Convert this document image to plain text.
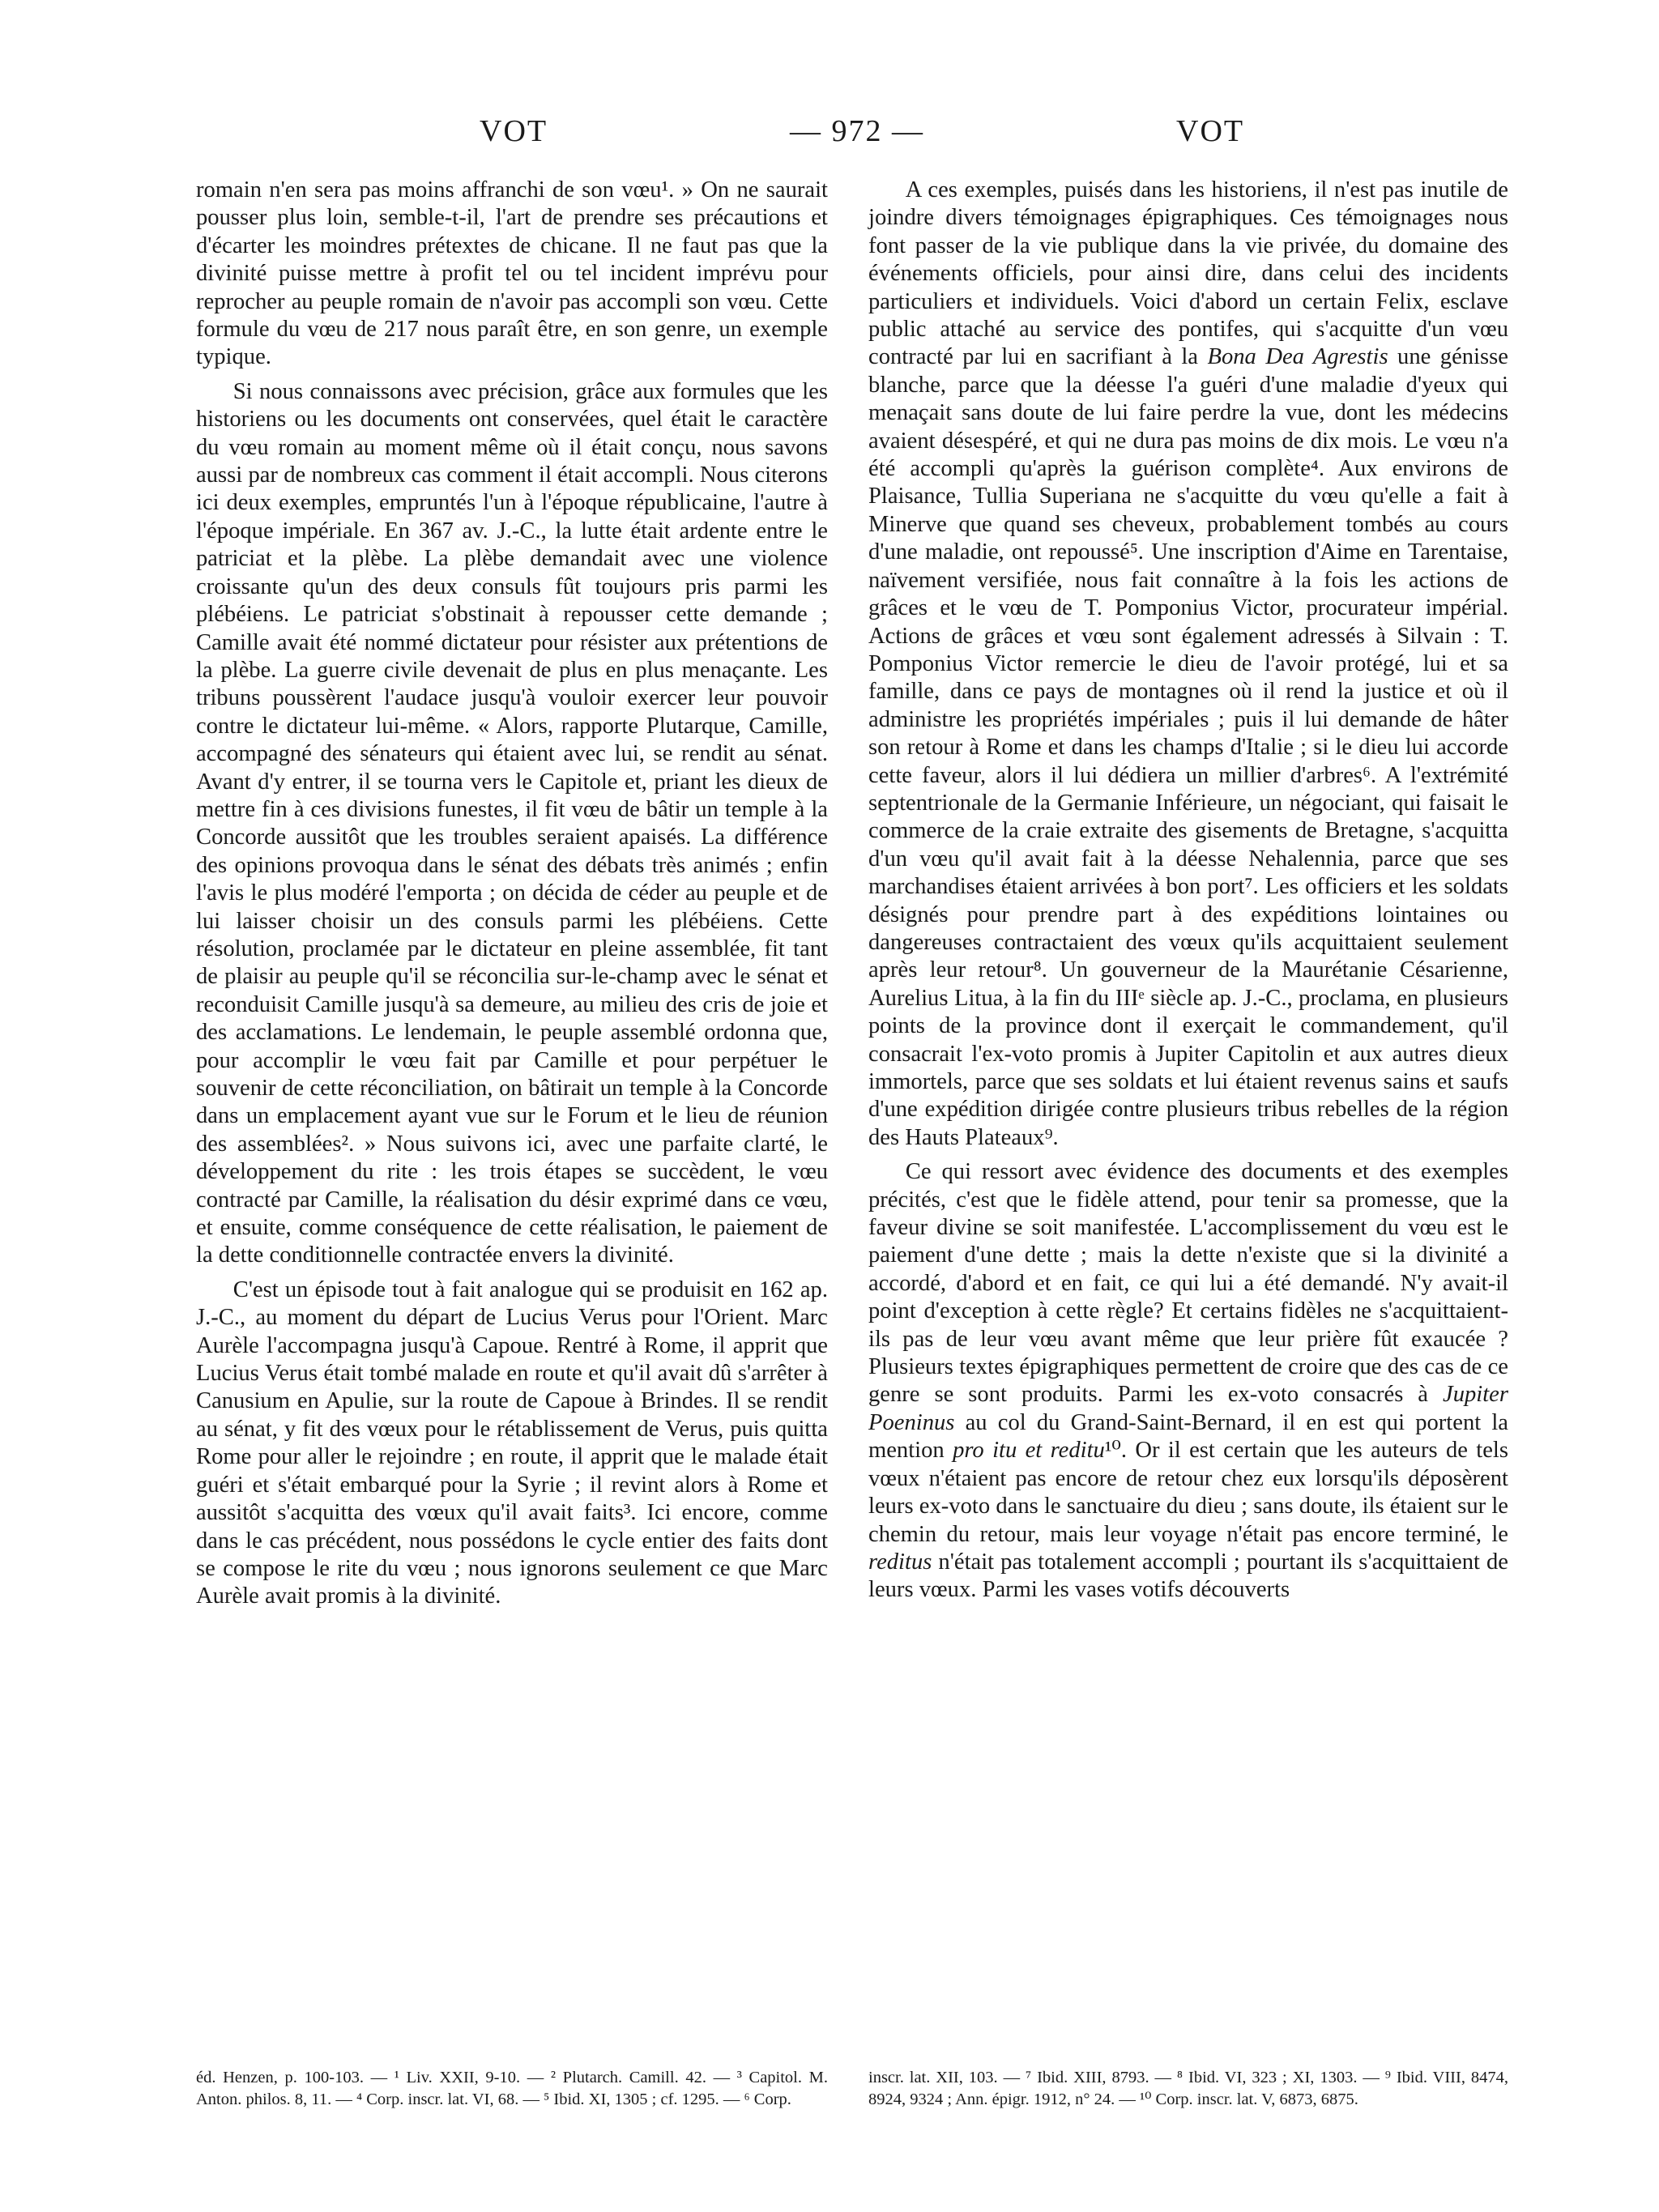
VOT	— 972 —	VOT

romain n'en sera pas moins affranchi de son vœu¹. » On ne saurait pousser plus loin, semble-t-il, l'art de prendre ses précautions et d'écarter les moindres prétextes de chicane. Il ne faut pas que la divinité puisse mettre à profit tel ou tel incident imprévu pour reprocher au peuple romain de n'avoir pas accompli son vœu. Cette formule du vœu de 217 nous paraît être, en son genre, un exemple typique.

Si nous connaissons avec précision, grâce aux formules que les historiens ou les documents ont conservées, quel était le caractère du vœu romain au moment même où il était conçu, nous savons aussi par de nombreux cas comment il était accompli. Nous citerons ici deux exemples, empruntés l'un à l'époque républicaine, l'autre à l'époque impériale. En 367 av. J.-C., la lutte était ardente entre le patriciat et la plèbe. La plèbe demandait avec une violence croissante qu'un des deux consuls fût toujours pris parmi les plébéiens. Le patriciat s'obstinait à repousser cette demande ; Camille avait été nommé dictateur pour résister aux prétentions de la plèbe. La guerre civile devenait de plus en plus menaçante. Les tribuns poussèrent l'audace jusqu'à vouloir exercer leur pouvoir contre le dictateur lui-même. « Alors, rapporte Plutarque, Camille, accompagné des sénateurs qui étaient avec lui, se rendit au sénat. Avant d'y entrer, il se tourna vers le Capitole et, priant les dieux de mettre fin à ces divisions funestes, il fit vœu de bâtir un temple à la Concorde aussitôt que les troubles seraient apaisés. La différence des opinions provoqua dans le sénat des débats très animés ; enfin l'avis le plus modéré l'emporta ; on décida de céder au peuple et de lui laisser choisir un des consuls parmi les plébéiens. Cette résolution, proclamée par le dictateur en pleine assemblée, fit tant de plaisir au peuple qu'il se réconcilia sur-le-champ avec le sénat et reconduisit Camille jusqu'à sa demeure, au milieu des cris de joie et des acclamations. Le lendemain, le peuple assemblé ordonna que, pour accomplir le vœu fait par Camille et pour perpétuer le souvenir de cette réconciliation, on bâtirait un temple à la Concorde dans un emplacement ayant vue sur le Forum et le lieu de réunion des assemblées². » Nous suivons ici, avec une parfaite clarté, le développement du rite : les trois étapes se succèdent, le vœu contracté par Camille, la réalisation du désir exprimé dans ce vœu, et ensuite, comme conséquence de cette réalisation, le paiement de la dette conditionnelle contractée envers la divinité.

C'est un épisode tout à fait analogue qui se produisit en 162 ap. J.-C., au moment du départ de Lucius Verus pour l'Orient. Marc Aurèle l'accompagna jusqu'à Capoue. Rentré à Rome, il apprit que Lucius Verus était tombé malade en route et qu'il avait dû s'arrêter à Canusium en Apulie, sur la route de Capoue à Brindes. Il se rendit au sénat, y fit des vœux pour le rétablissement de Verus, puis quitta Rome pour aller le rejoindre ; en route, il apprit que le malade était guéri et s'était embarqué pour la Syrie ; il revint alors à Rome et aussitôt s'acquitta des vœux qu'il avait faits³. Ici encore, comme dans le cas précédent, nous possédons le cycle entier des faits dont se compose le rite du vœu ; nous ignorons seulement ce que Marc Aurèle avait promis à la divinité.

A ces exemples, puisés dans les historiens, il n'est pas inutile de joindre divers témoignages épigraphiques. Ces témoignages nous font passer de la vie publique dans la vie privée, du domaine des événements officiels, pour ainsi dire, dans celui des incidents particuliers et individuels. Voici d'abord un certain Felix, esclave public attaché au service des pontifes, qui s'acquitte d'un vœu contracté par lui en sacrifiant à la Bona Dea Agrestis une génisse blanche, parce que la déesse l'a guéri d'une maladie d'yeux qui menaçait sans doute de lui faire perdre la vue, dont les médecins avaient désespéré, et qui ne dura pas moins de dix mois. Le vœu n'a été accompli qu'après la guérison complète⁴. Aux environs de Plaisance, Tullia Superiana ne s'acquitte du vœu qu'elle a fait à Minerve que quand ses cheveux, probablement tombés au cours d'une maladie, ont repoussé⁵. Une inscription d'Aime en Tarentaise, naïvement versifiée, nous fait connaître à la fois les actions de grâces et le vœu de T. Pomponius Victor, procurateur impérial. Actions de grâces et vœu sont également adressés à Silvain : T. Pomponius Victor remercie le dieu de l'avoir protégé, lui et sa famille, dans ce pays de montagnes où il rend la justice et où il administre les propriétés impériales ; puis il lui demande de hâter son retour à Rome et dans les champs d'Italie ; si le dieu lui accorde cette faveur, alors il lui dédiera un millier d'arbres⁶. A l'extrémité septentrionale de la Germanie Inférieure, un négociant, qui faisait le commerce de la craie extraite des gisements de Bretagne, s'acquitta d'un vœu qu'il avait fait à la déesse Nehalennia, parce que ses marchandises étaient arrivées à bon port⁷. Les officiers et les soldats désignés pour prendre part à des expéditions lointaines ou dangereuses contractaient des vœux qu'ils acquittaient seulement après leur retour⁸. Un gouverneur de la Maurétanie Césarienne, Aurelius Litua, à la fin du IIIᵉ siècle ap. J.-C., proclama, en plusieurs points de la province dont il exerçait le commandement, qu'il consacrait l'ex-voto promis à Jupiter Capitolin et aux autres dieux immortels, parce que ses soldats et lui étaient revenus sains et saufs d'une expédition dirigée contre plusieurs tribus rebelles de la région des Hauts Plateaux⁹.

Ce qui ressort avec évidence des documents et des exemples précités, c'est que le fidèle attend, pour tenir sa promesse, que la faveur divine se soit manifestée. L'accomplissement du vœu est le paiement d'une dette ; mais la dette n'existe que si la divinité a accordé, d'abord et en fait, ce qui lui a été demandé. N'y avait-il point d'exception à cette règle? Et certains fidèles ne s'acquittaient-ils pas de leur vœu avant même que leur prière fût exaucée ? Plusieurs textes épigraphiques permettent de croire que des cas de ce genre se sont produits. Parmi les ex-voto consacrés à Jupiter Poeninus au col du Grand-Saint-Bernard, il en est qui portent la mention pro itu et reditu¹⁰. Or il est certain que les auteurs de tels vœux n'étaient pas encore de retour chez eux lorsqu'ils déposèrent leurs ex-voto dans le sanctuaire du dieu ; sans doute, ils étaient sur le chemin du retour, mais leur voyage n'était pas encore terminé, le reditus n'était pas totalement accompli ; pourtant ils s'acquittaient de leurs vœux. Parmi les vases votifs découverts

éd. Henzen, p. 100-103. — ¹ Liv. XXII, 9-10. — ² Plutarch. Camill. 42. — ³ Capitol. M. Anton. philos. 8, 11. — ⁴ Corp. inscr. lat. VI, 68. — ⁵ Ibid. XI, 1305 ; cf. 1295. — ⁶ Corp.

inscr. lat. XII, 103. — ⁷ Ibid. XIII, 8793. — ⁸ Ibid. VI, 323 ; XI, 1303. — ⁹ Ibid. VIII, 8474, 8924, 9324 ; Ann. épigr. 1912, n° 24. — ¹⁰ Corp. inscr. lat. V, 6873, 6875.
